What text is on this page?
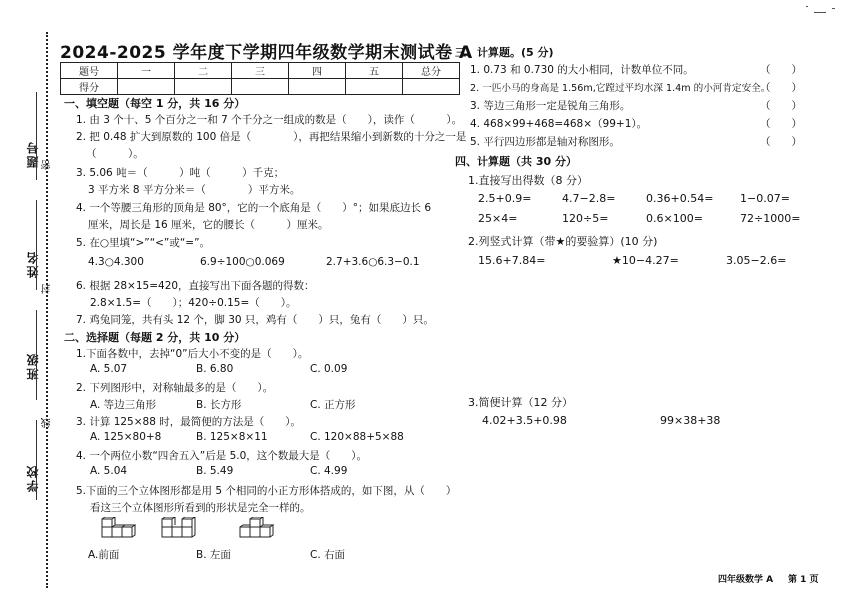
题号 密
姓名
封
班级
线
学校
2024-2025 学年度下学期四年级数学期末测试卷 A
题号	一	二	三	四	五	总分
得分						
一、填空题（每空 1 分，共 16 分）
1. 由 3 个十、5 个百分之一和 7 个千分之一组成的数是（　　），读作（　　　）。
2. 把 0.48 扩大到原数的 100 倍是（　　　　），再把结果缩小到新数的十分之一是
（　　　）。
3. 5.06 吨＝（　　　）吨（　　　）千克；
3 平方米 8 平方分米＝（　　　　）平方米。
4. 一个等腰三角形的顶角是 80°，它的一个底角是（　　）°；如果底边长 6
厘米，周长是 16 厘米，它的腰长（　　　）厘米。
5. 在○里填“>”“<”或“=”。
4.3○4.300	6.9÷100○0.069	2.7+3.6○6.3−0.1
6. 根据 28×15=420，直接写出下面各题的得数：
2.8×1.5=（　　）；420÷0.15=（　　）。
7. 鸡兔同笼，共有头 12 个，脚 30 只，鸡有（　　）只，兔有（　　）只。
二、选择题（每题 2 分，共 10 分）
1.下面各数中，去掉“0”后大小不变的是（　　）。
A. 5.07	B. 6.80	C. 0.09
2. 下列图形中，对称轴最多的是（　　）。
A. 等边三角形	B. 长方形	C. 正方形
3. 计算 125×88 时，最简便的方法是（　　）。
A. 125×80+8	B. 125×8×11	C. 120×88+5×88
4. 一个两位小数“四舍五入”后是 5.0，这个数最大是（　　）。
A. 5.04	B. 5.49	C. 4.99
5.下面的三个立体图形都是用 5 个相同的小正方形体搭成的，如下图，从（　　）
看这三个立体图形所看到的形状是完全一样的。
A.前面	B. 左面	C. 右面
三、计算题。(5 分)
1. 0.73 和 0.730 的大小相同，计数单位不同。	（　　）
2. 一匹小马的身高是 1.56m,它蹚过平均水深 1.4m 的小河肯定安全。
（　　）
3. 等边三角形一定是锐角三角形。	（　　）
4. 468×99+468=468×（99+1）。	（　　）
5. 平行四边形都是轴对称图形。	（　　）
四、计算题（共 30 分）
1.直接写出得数（8 分）
2.5+0.9=	4.7−2.8=	0.36+0.54= 1−0.07=
25×4=	120÷5=	0.6×100=	72÷1000=
2.列竖式计算（带★的要验算）(10 分)
15.6+7.84=	★10−4.27=	3.05−2.6=
3.简便计算（12 分）
4.02+3.5+0.98	99×38+38
四年级数学 A 第 1 页
